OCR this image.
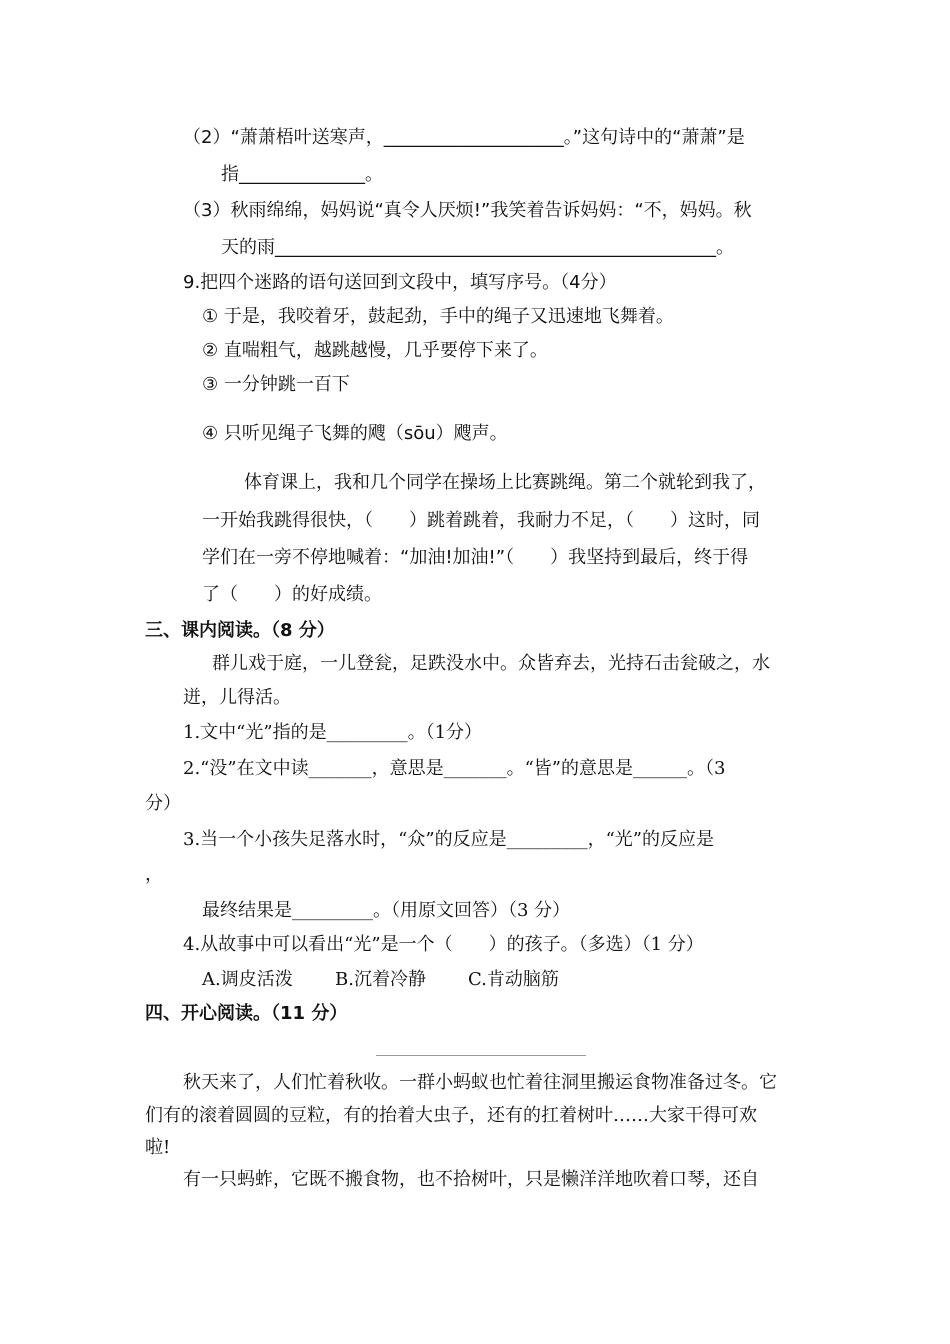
（2）“萧萧梧叶送寒声，____________________。”这句诗中的“萧萧”是
指______________。
（3）秋雨绵绵，妈妈说“真令人厌烦!”我笑着告诉妈妈：“不，妈妈。秋
天的雨_________________________________________________。
9.把四个迷路的语句送回到文段中，填写序号。（4分）
① 于是，我咬着牙，鼓起劲，手中的绳子又迅速地飞舞着。
② 直喘粗气，越跳越慢，几乎要停下来了。
③ 一分钟跳一百下
④ 只听见绳子飞舞的飕（sōu）飕声。
体育课上，我和几个同学在操场上比赛跳绳。第二个就轮到我了，
一开始我跳得很快，（　　）跳着跳着，我耐力不足，（　　）这时，同
学们在一旁不停地喊着：“加油!加油!”（　　）我坚持到最后，终于得
了（　　）的好成绩。
三、课内阅读。（8 分）
群儿戏于庭，一儿登瓮，足跌没水中。众皆弃去，光持石击瓮破之，水
迸，儿得活。
1.文中“光”指的是_________。（1分）
2.“没”在文中读_______，意思是_______。“皆”的意思是______。（3
分）
3.当一个小孩失足落水时，“众”的反应是_________，“光”的反应是
，
最终结果是_________。（用原文回答）（3 分）
4.从故事中可以看出“光”是一个（　　）的孩子。（多选）（1 分）
A.调皮活泼 B.沉着冷静 C.肯动脑筋
四、开心阅读。（11 分）
秋天来了，人们忙着秋收。一群小蚂蚁也忙着往洞里搬运食物准备过冬。它
们有的滚着圆圆的豆粒，有的抬着大虫子，还有的扛着树叶……大家干得可欢
啦!
有一只蚂蚱，它既不搬食物，也不拾树叶，只是懒洋洋地吹着口琴，还自
